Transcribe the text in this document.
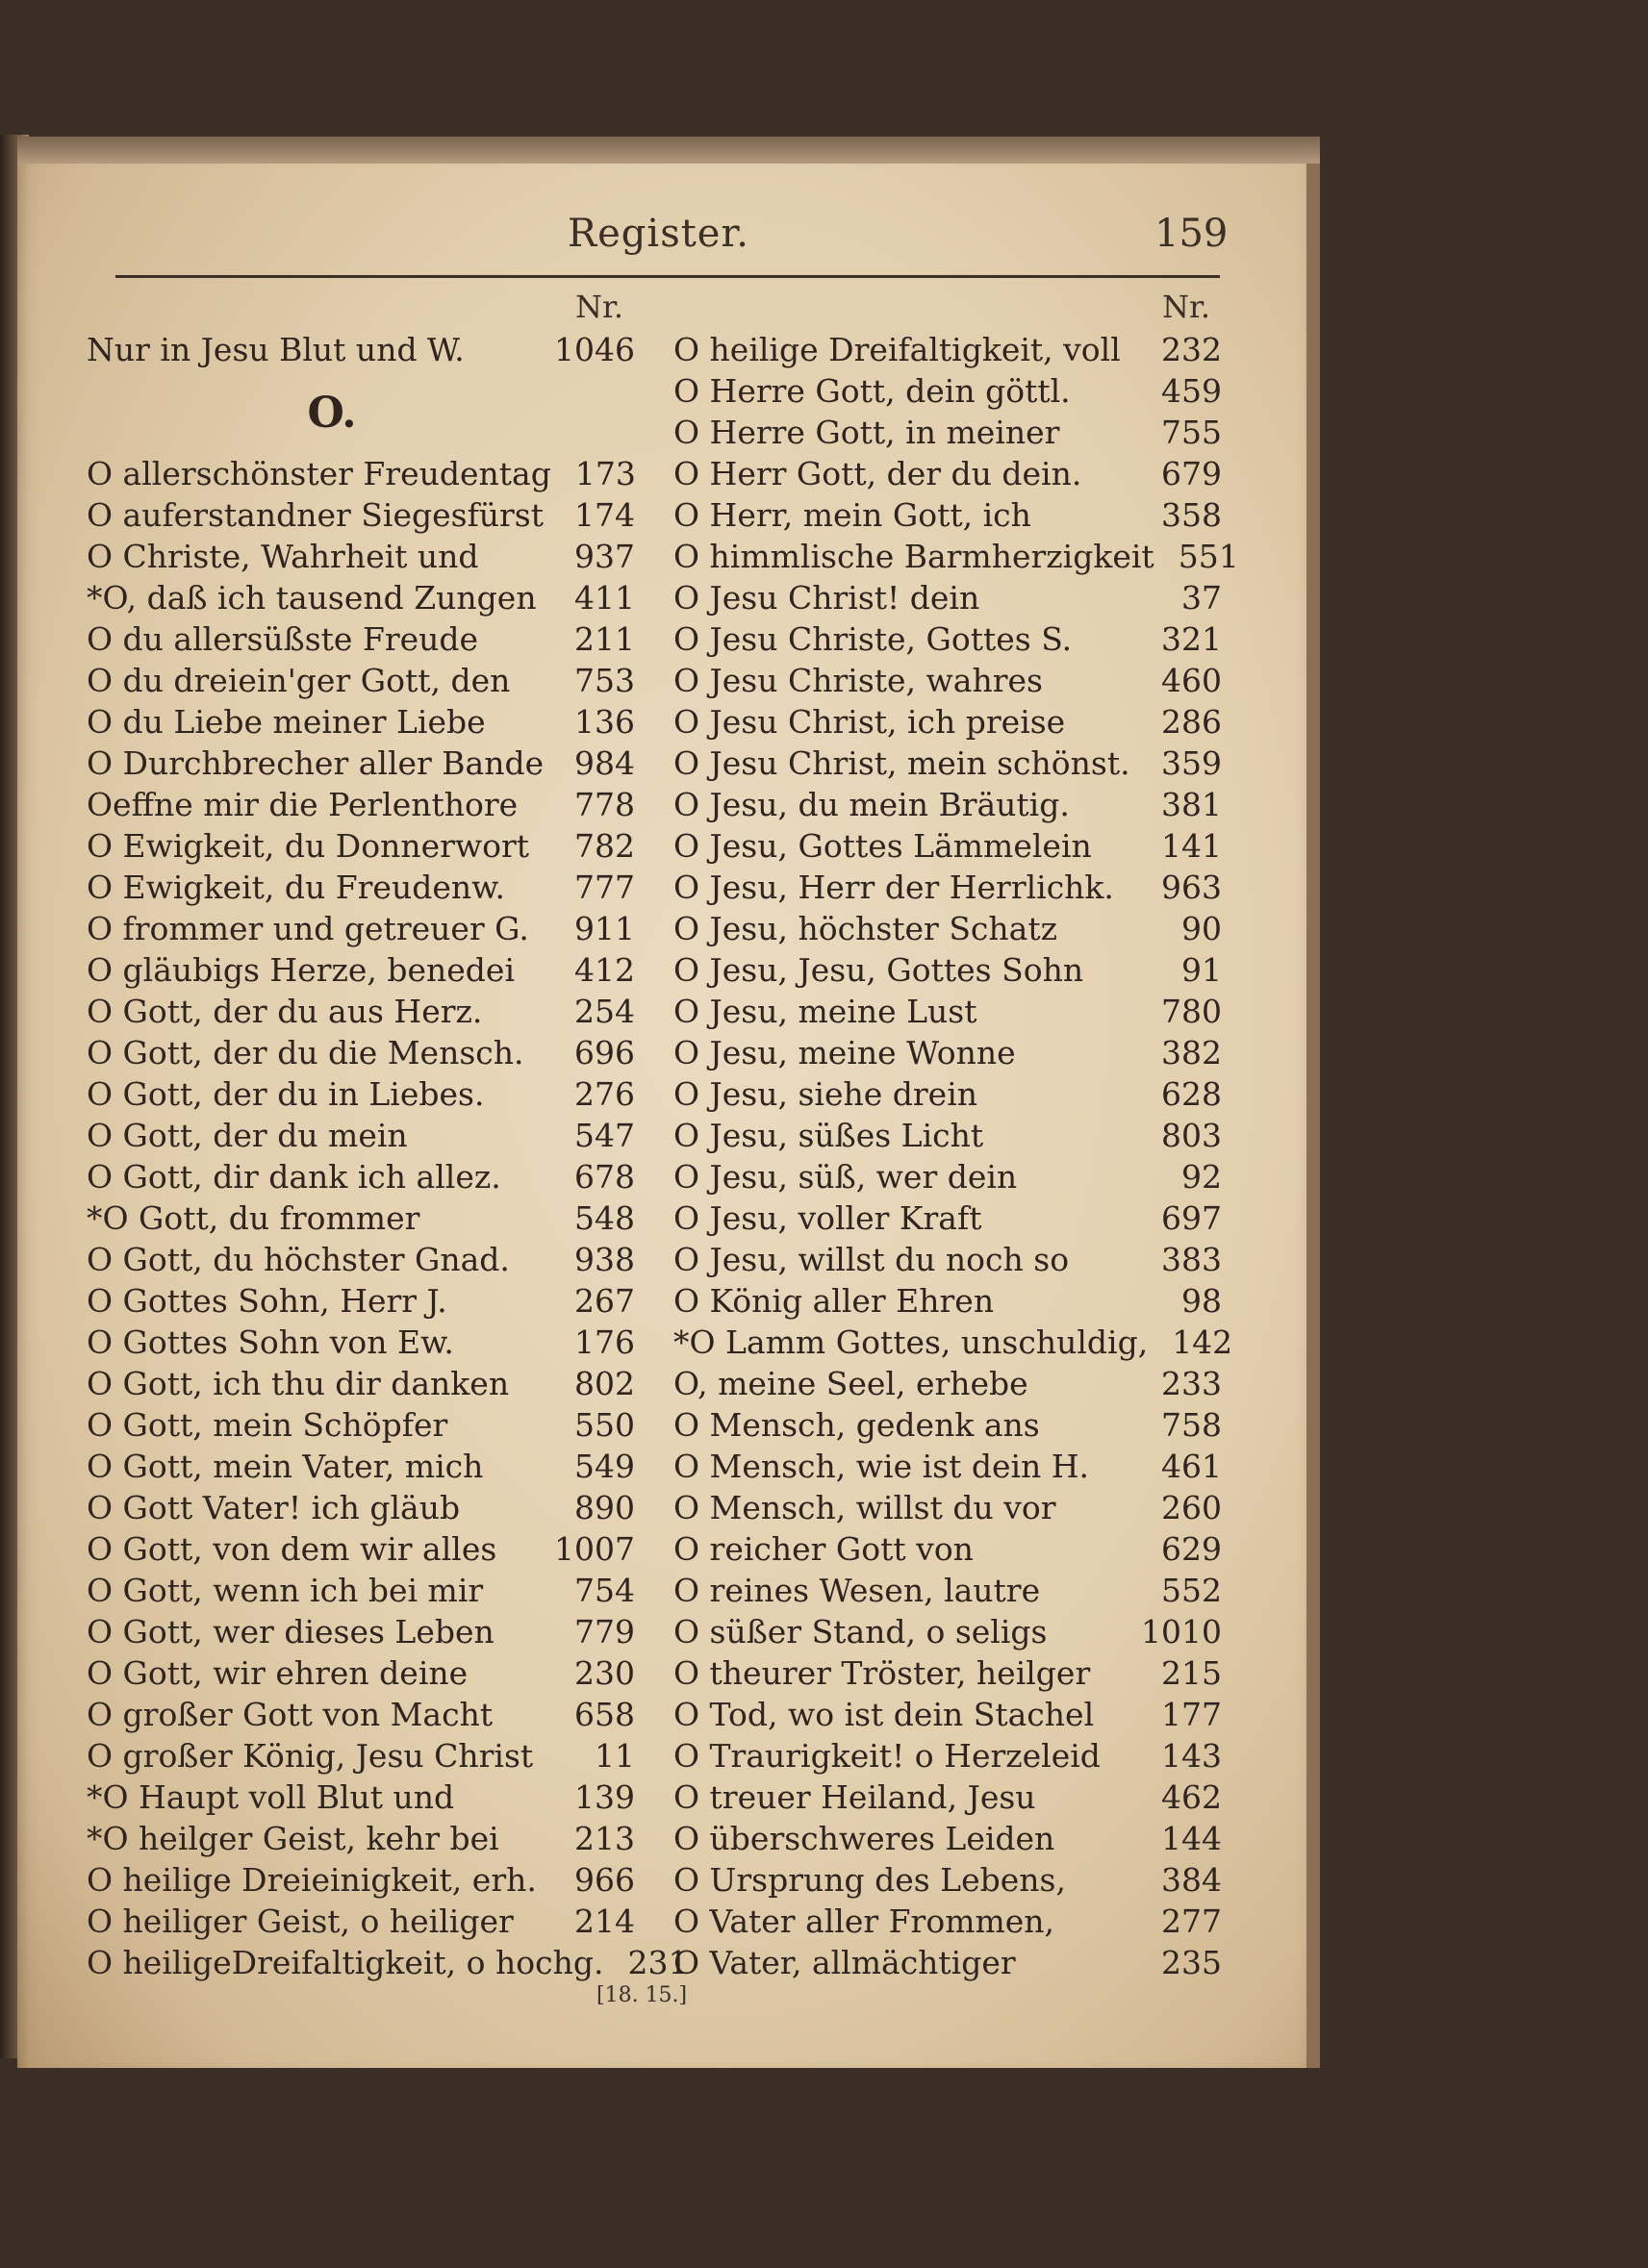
Register.	159
Nr.
Nur in Jesu Blut und W.	1046
O.
O allerschönster Freudentag 173
O auferstandner Siegesfürst 174
O Christe, Wahrheit und	937
*O, daß ich tausend Zungen	411
O du allersüßste Freude	211
O du dreiein'ger Gott, den	753
O du Liebe meiner Liebe	136
O Durchbrecher aller Bande 984
Oeffne mir die Perlenthore	778
O Ewigkeit, du Donnerwort	782
O Ewigkeit, du Freudenw.	777
O frommer und getreuer G.	911
O gläubigs Herze, benedei	412
O Gott, der du aus Herz.	254
O Gott, der du die Mensch.	696
O Gott, der du in Liebes.	276
O Gott, der du mein	547
O Gott, dir dank ich allez.	678
*O Gott, du frommer	548
O Gott, du höchster Gnad.	938
O Gottes Sohn, Herr J.	267
O Gottes Sohn von Ew.	176
O Gott, ich thu dir danken	802
O Gott, mein Schöpfer	550
O Gott, mein Vater, mich	549
O Gott Vater! ich gläub	890
O Gott, von dem wir alles	1007
O Gott, wenn ich bei mir	754
O Gott, wer dieses Leben	779
O Gott, wir ehren deine	230
O großer Gott von Macht	658
O großer König, Jesu Christ	11
*O Haupt voll Blut und	139
*O heilger Geist, kehr bei	213
O heilige Dreieinigkeit, erh.	966
O heiliger Geist, o heiliger	214
O heiligeDreifaltigkeit, o hochg. 231
Nr.
O heilige Dreifaltigkeit, voll	232
O Herre Gott, dein göttl.	459
O Herre Gott, in meiner	755
O Herr Gott, der du dein.	679
O Herr, mein Gott, ich	358
O himmlische Barmherzigkeit 551
O Jesu Christ! dein	37
O Jesu Christe, Gottes S.	321
O Jesu Christe, wahres	460
O Jesu Christ, ich preise	286
O Jesu Christ, mein schönst. 359
O Jesu, du mein Bräutig.	381
O Jesu, Gottes Lämmelein	141
O Jesu, Herr der Herrlichk.	963
O Jesu, höchster Schatz	90
O Jesu, Jesu, Gottes Sohn	91
O Jesu, meine Lust	780
O Jesu, meine Wonne	382
O Jesu, siehe drein	628
O Jesu, süßes Licht	803
O Jesu, süß, wer dein	92
O Jesu, voller Kraft	697
O Jesu, willst du noch so	383
O König aller Ehren	98
*O Lamm Gottes, unschuldig, 142
O, meine Seel, erhebe	233
O Mensch, gedenk ans	758
O Mensch, wie ist dein H.	461
O Mensch, willst du vor	260
O reicher Gott von	629
O reines Wesen, lautre	552
O süßer Stand, o seligs	1010
O theurer Tröster, heilger	215
O Tod, wo ist dein Stachel	177
O Traurigkeit! o Herzeleid	143
O treuer Heiland, Jesu	462
O überschweres Leiden	144
O Ursprung des Lebens,	384
O Vater aller Frommen,	277
O Vater, allmächtiger	235
[18. 15.]
